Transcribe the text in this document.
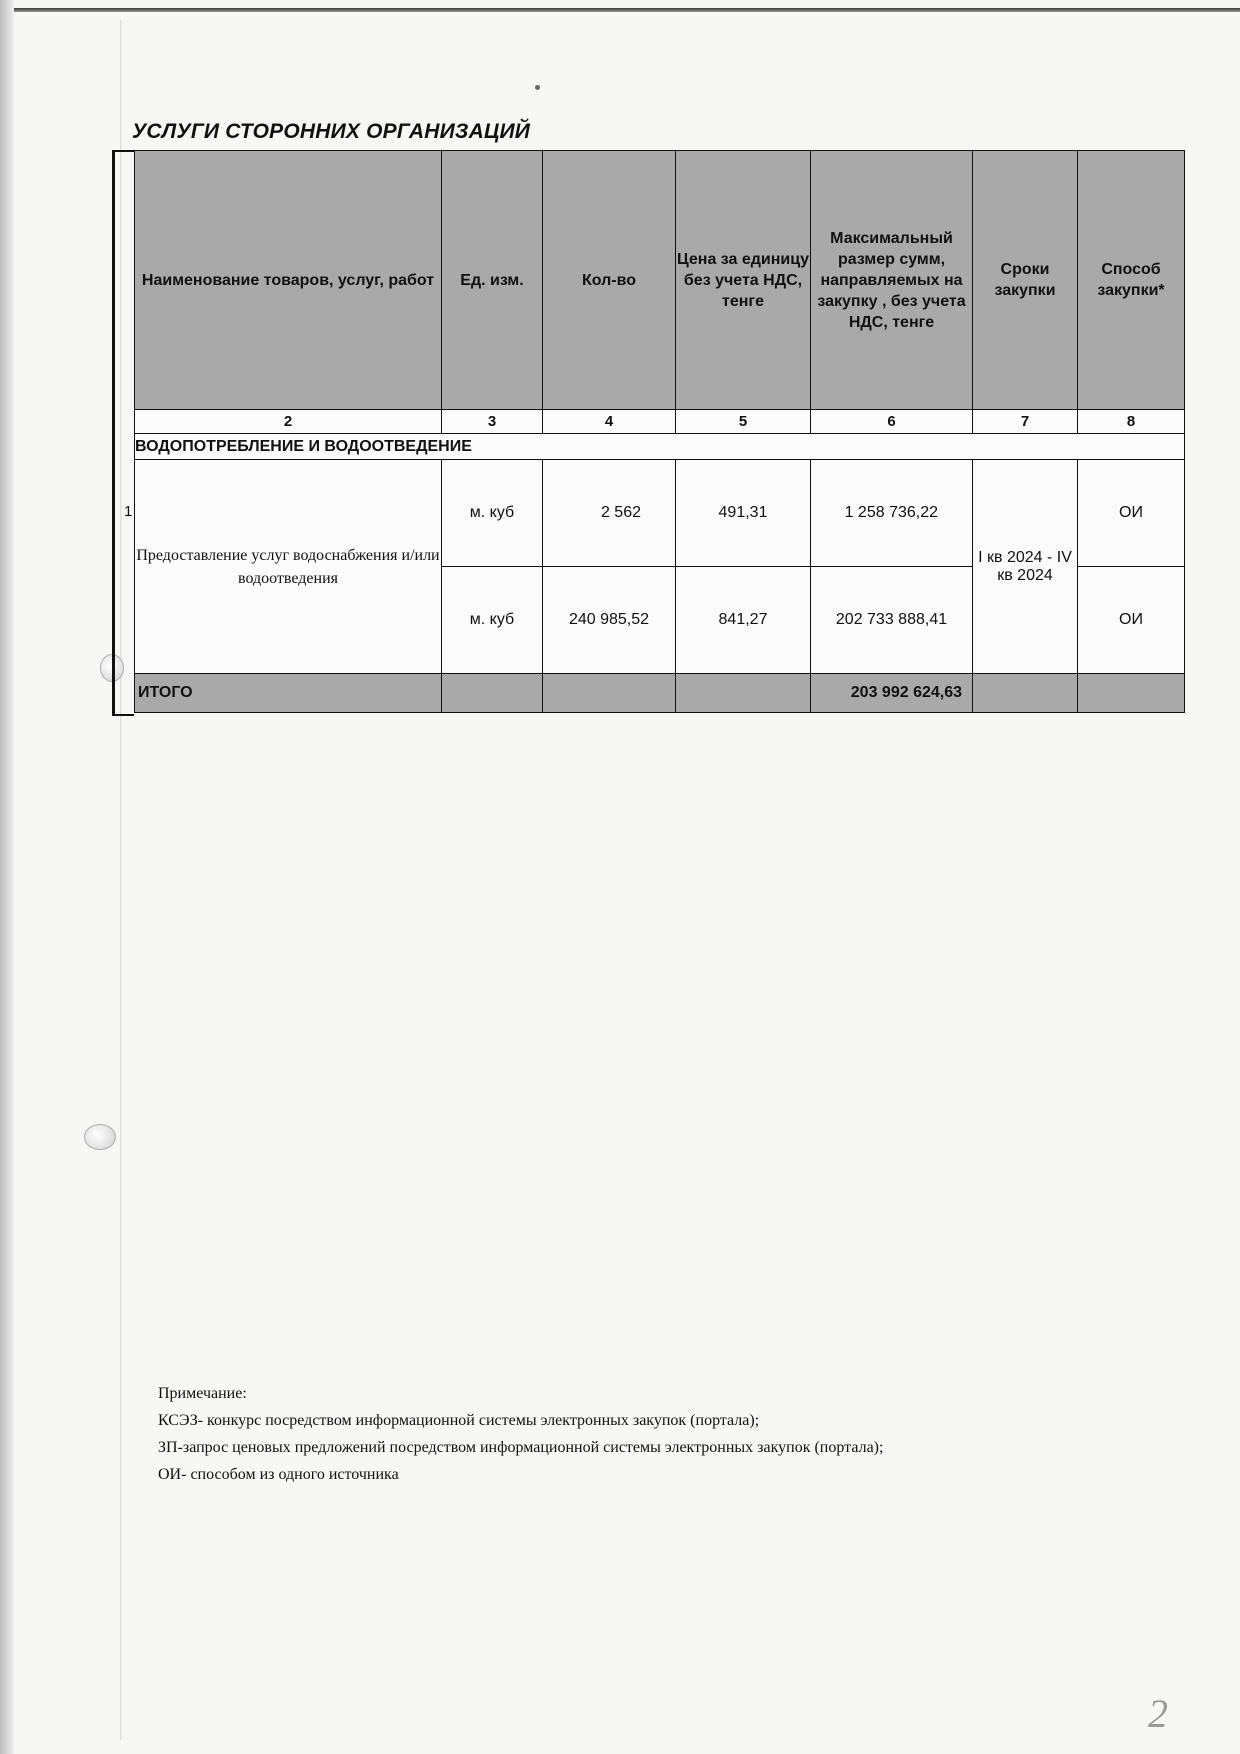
УСЛУГИ СТОРОННИХ ОРГАНИЗАЦИЙ
1
Наименование товаров, услуг, работ	Ед. изм.	Кол-во	Цена за единицу без учета НДС, тенге	Максимальный размер сумм, направляемых на закупку , без учета НДС, тенге	Сроки закупки	Способ закупки*
2	3	4	5	6	7	8
ВОДОПОТРЕБЛЕНИЕ И ВОДООТВЕДЕНИЕ						
Предоставление услуг водоснабжения и/или водоотведения	м. куб	2 562	491,31	1 258 736,22	I кв 2024 - IV кв 2024	ОИ
	м. куб	240 985,52	841,27	202 733 888,41		ОИ
ИТОГО				203 992 624,63		
Примечание:
КСЭЗ- конкурс посредством информационной системы электронных закупок (портала);
ЗП-запрос ценовых предложений посредством информационной системы электронных закупок (портала);
ОИ- способом из одного источника
2
